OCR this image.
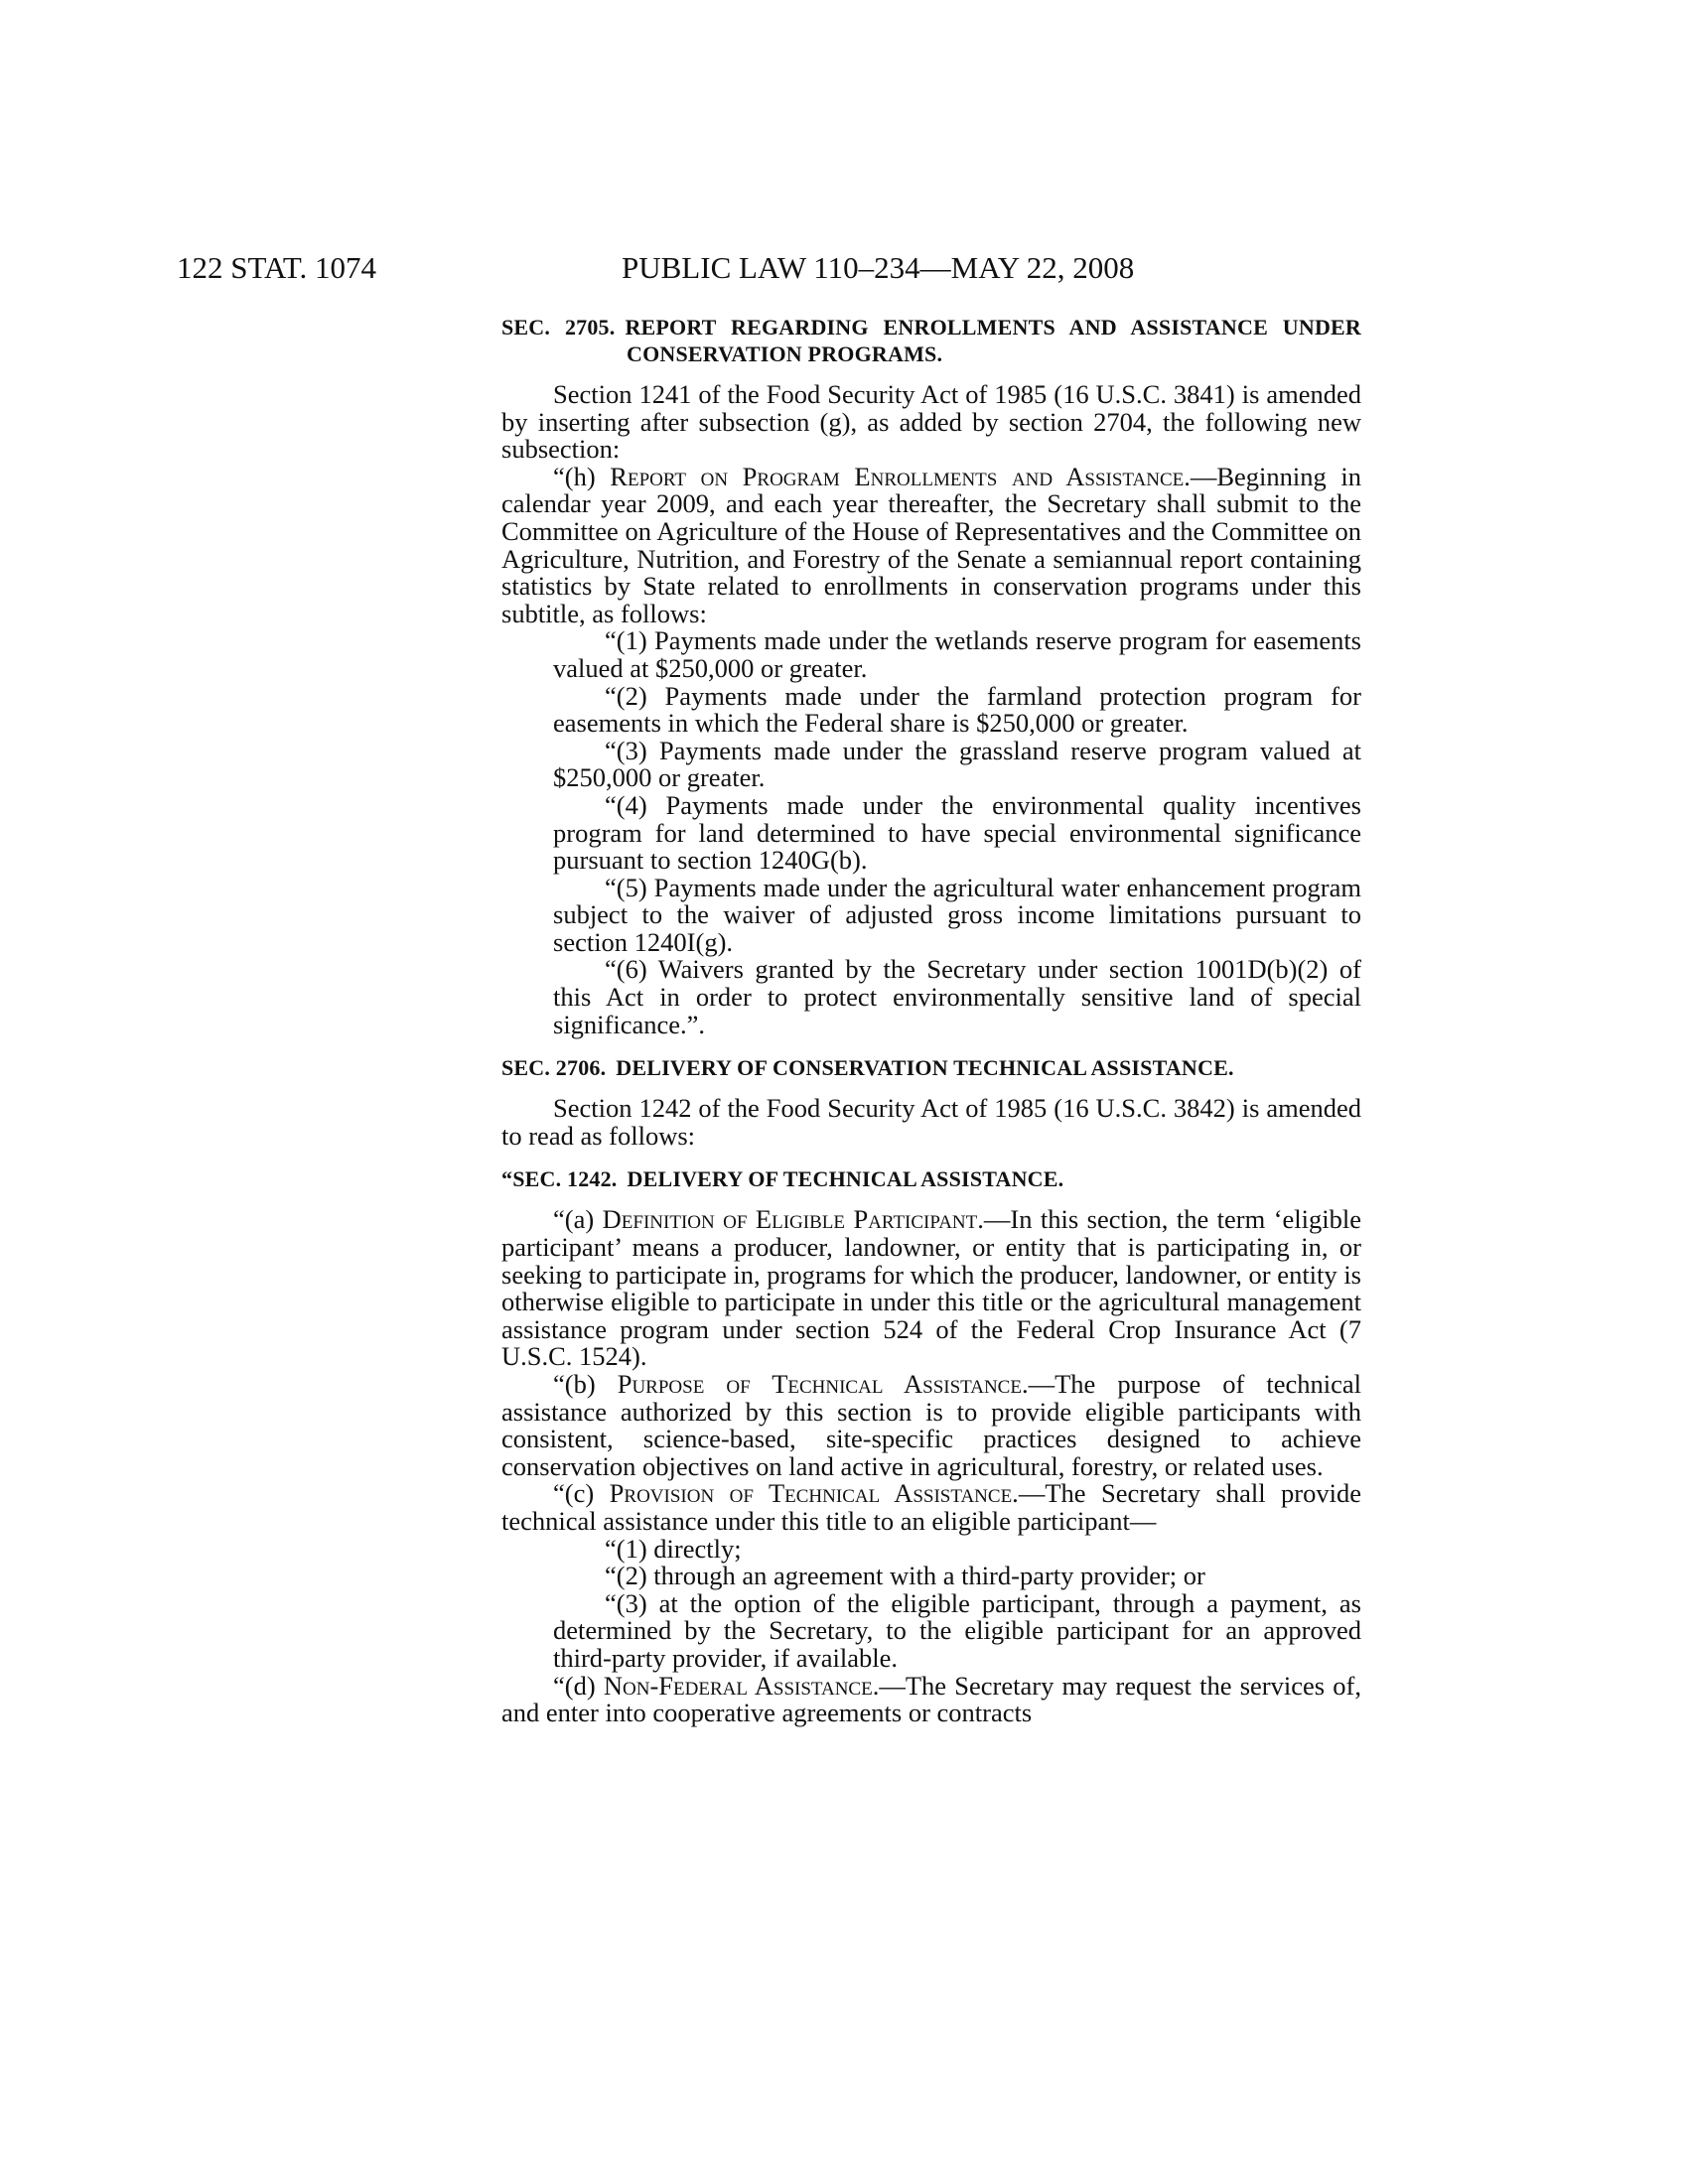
122 STAT. 1074	PUBLIC LAW 110–234—MAY 22, 2008
SEC. 2705. REPORT REGARDING ENROLLMENTS AND ASSISTANCE UNDER CONSERVATION PROGRAMS.

Section 1241 of the Food Security Act of 1985 (16 U.S.C. 3841) is amended by inserting after subsection (g), as added by section 2704, the following new subsection:

“(h) Report on Program Enrollments and Assistance.—Beginning in calendar year 2009, and each year thereafter, the Secretary shall submit to the Committee on Agriculture of the House of Representatives and the Committee on Agriculture, Nutrition, and Forestry of the Senate a semiannual report containing statistics by State related to enrollments in conservation programs under this subtitle, as follows:

“(1) Payments made under the wetlands reserve program for easements valued at $250,000 or greater.

“(2) Payments made under the farmland protection program for easements in which the Federal share is $250,000 or greater.

“(3) Payments made under the grassland reserve program valued at $250,000 or greater.

“(4) Payments made under the environmental quality incentives program for land determined to have special environmental significance pursuant to section 1240G(b).

“(5) Payments made under the agricultural water enhancement program subject to the waiver of adjusted gross income limitations pursuant to section 1240I(g).

“(6) Waivers granted by the Secretary under section 1001D(b)(2) of this Act in order to protect environmentally sensitive land of special significance.”.

SEC. 2706. DELIVERY OF CONSERVATION TECHNICAL ASSISTANCE.

Section 1242 of the Food Security Act of 1985 (16 U.S.C. 3842) is amended to read as follows:

“SEC. 1242. DELIVERY OF TECHNICAL ASSISTANCE.

“(a) Definition of Eligible Participant.—In this section, the term ‘eligible participant’ means a producer, landowner, or entity that is participating in, or seeking to participate in, programs for which the producer, landowner, or entity is otherwise eligible to participate in under this title or the agricultural management assistance program under section 524 of the Federal Crop Insurance Act (7 U.S.C. 1524).

“(b) Purpose of Technical Assistance.—The purpose of technical assistance authorized by this section is to provide eligible participants with consistent, science-based, site-specific practices designed to achieve conservation objectives on land active in agricultural, forestry, or related uses.

“(c) Provision of Technical Assistance.—The Secretary shall provide technical assistance under this title to an eligible participant—

“(1) directly;

“(2) through an agreement with a third-party provider; or

“(3) at the option of the eligible participant, through a payment, as determined by the Secretary, to the eligible participant for an approved third-party provider, if available.

“(d) Non-Federal Assistance.—The Secretary may request the services of, and enter into cooperative agreements or contracts
